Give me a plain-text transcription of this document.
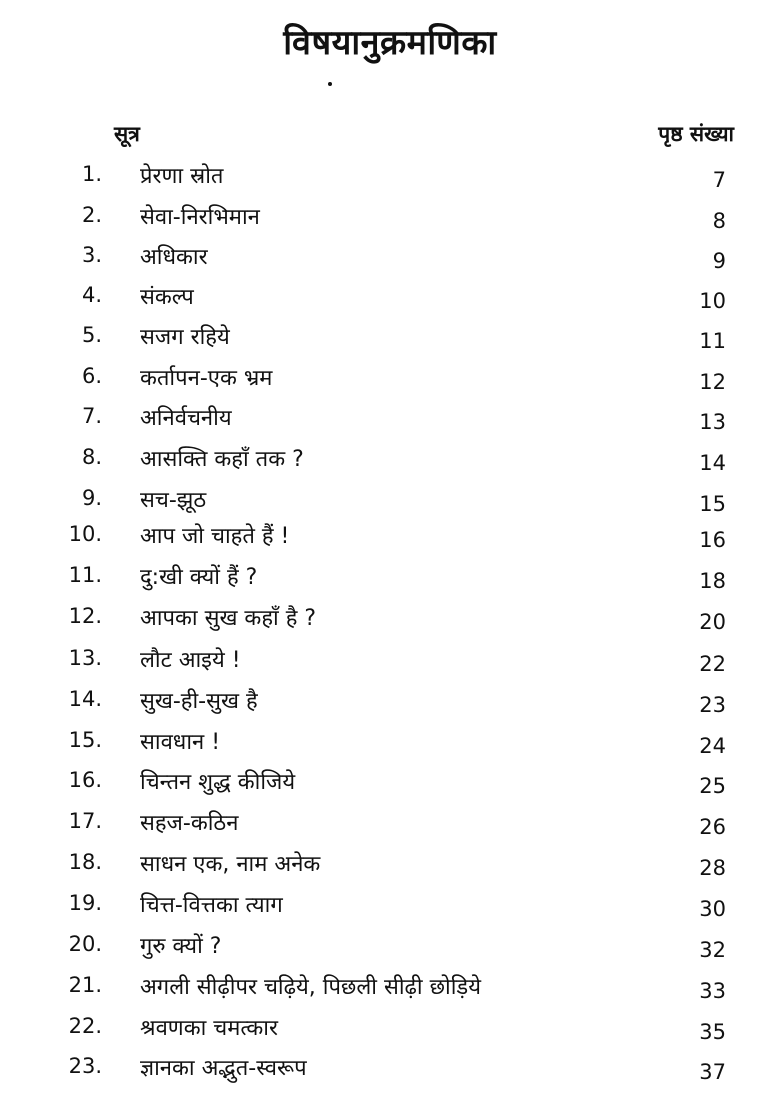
विषयानुक्रमणिका
सूत्र	पृष्ठ संख्या
1. प्रेरणा स्रोत	7
2. सेवा-निरभिमान	8
3. अधिकार	9
4. संकल्प	10
5. सजग रहिये	11
6. कर्तापन-एक भ्रम	12
7. अनिर्वचनीय	13
8. आसक्ति कहाँ तक ?	14
9. सच-झूठ	15
10. आप जो चाहते हैं !	16
11. दु:खी क्यों हैं ?	18
12. आपका सुख कहाँ है ?	20
13. लौट आइये !	22
14. सुख-ही-सुख है	23
15. सावधान !	24
16. चिन्तन शुद्ध कीजिये	25
17. सहज-कठिन	26
18. साधन एक, नाम अनेक	28
19. चित्त-वित्तका त्याग	30
20. गुरु क्यों ?	32
21. अगली सीढ़ीपर चढ़िये, पिछली सीढ़ी छोड़िये	33
22. श्रवणका चमत्कार	35
23. ज्ञानका अद्भुत-स्वरूप	37
